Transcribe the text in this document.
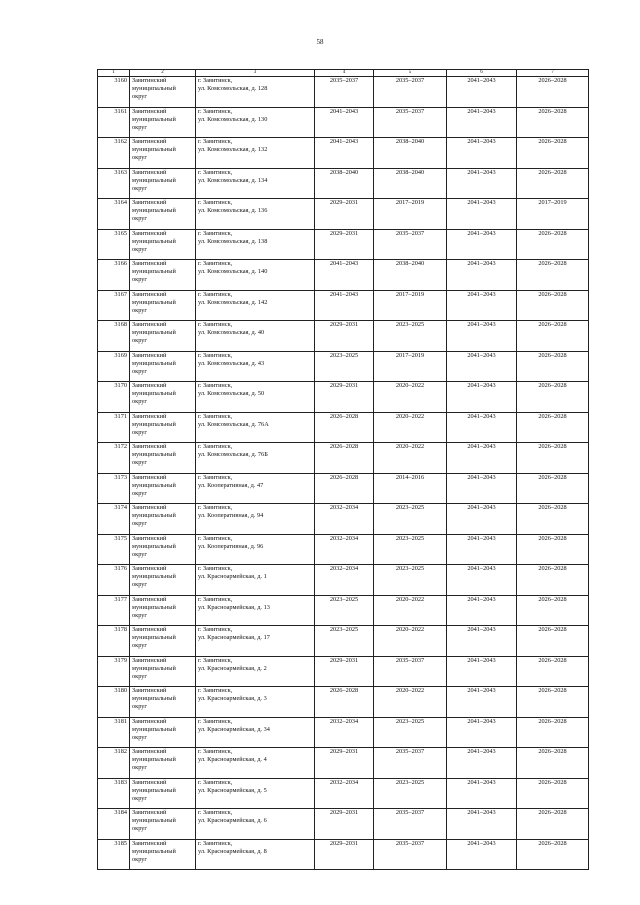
58
1	2	3	4	5	6	7
3160	Завитинский
муниципальный
округ	г. Завитинск,
ул. Комсомольская, д. 128	2035–2037	2035–2037	2041–2043	2026–2028
3161	Завитинский
муниципальный
округ	г. Завитинск,
ул. Комсомольская, д. 130	2041–2043	2035–2037	2041–2043	2026–2028
3162	Завитинский
муниципальный
округ	г. Завитинск,
ул. Комсомольская, д. 132	2041–2043	2038–2040	2041–2043	2026–2028
3163	Завитинский
муниципальный
округ	г. Завитинск,
ул. Комсомольская, д. 134	2038–2040	2038–2040	2041–2043	2026–2028
3164	Завитинский
муниципальный
округ	г. Завитинск,
ул. Комсомольская, д. 136	2029–2031	2017–2019	2041–2043	2017–2019
3165	Завитинский
муниципальный
округ	г. Завитинск,
ул. Комсомольская, д. 138	2029–2031	2035–2037	2041–2043	2026–2028
3166	Завитинский
муниципальный
округ	г. Завитинск,
ул. Комсомольская, д. 140	2041–2043	2038–2040	2041–2043	2026–2028
3167	Завитинский
муниципальный
округ	г. Завитинск,
ул. Комсомольская, д. 142	2041–2043	2017–2019	2041–2043	2026–2028
3168	Завитинский
муниципальный
округ	г. Завитинск,
ул. Комсомольская, д. 40	2029–2031	2023–2025	2041–2043	2026–2028
3169	Завитинский
муниципальный
округ	г. Завитинск,
ул. Комсомольская, д. 43	2023–2025	2017–2019	2041–2043	2026–2028
3170	Завитинский
муниципальный
округ	г. Завитинск,
ул. Комсомольская, д. 50	2029–2031	2020–2022	2041–2043	2026–2028
3171	Завитинский
муниципальный
округ	г. Завитинск,
ул. Комсомольская, д. 76А	2026–2028	2020–2022	2041–2043	2026–2028
3172	Завитинский
муниципальный
округ	г. Завитинск,
ул. Комсомольская, д. 76Б	2026–2028	2020–2022	2041–2043	2026–2028
3173	Завитинский
муниципальный
округ	г. Завитинск,
ул. Кооперативная, д. 47	2026–2028	2014–2016	2041–2043	2026–2028
3174	Завитинский
муниципальный
округ	г. Завитинск,
ул. Кооперативная, д. 94	2032–2034	2023–2025	2041–2043	2026–2028
3175	Завитинский
муниципальный
округ	г. Завитинск,
ул. Кооперативная, д. 96	2032–2034	2023–2025	2041–2043	2026–2028
3176	Завитинский
муниципальный
округ	г. Завитинск,
ул. Красноармейская, д. 1	2032–2034	2023–2025	2041–2043	2026–2028
3177	Завитинский
муниципальный
округ	г. Завитинск,
ул. Красноармейская, д. 13	2023–2025	2020–2022	2041–2043	2026–2028
3178	Завитинский
муниципальный
округ	г. Завитинск,
ул. Красноармейская, д. 17	2023–2025	2020–2022	2041–2043	2026–2028
3179	Завитинский
муниципальный
округ	г. Завитинск,
ул. Красноармейская, д. 2	2029–2031	2035–2037	2041–2043	2026–2028
3180	Завитинский
муниципальный
округ	г. Завитинск,
ул. Красноармейская, д. 3	2026–2028	2020–2022	2041–2043	2026–2028
3181	Завитинский
муниципальный
округ	г. Завитинск,
ул. Красноармейская, д. 34	2032–2034	2023–2025	2041–2043	2026–2028
3182	Завитинский
муниципальный
округ	г. Завитинск,
ул. Красноармейская, д. 4	2029–2031	2035–2037	2041–2043	2026–2028
3183	Завитинский
муниципальный
округ	г. Завитинск,
ул. Красноармейская, д. 5	2032–2034	2023–2025	2041–2043	2026–2028
3184	Завитинский
муниципальный
округ	г. Завитинск,
ул. Красноармейская, д. 6	2029–2031	2035–2037	2041–2043	2026–2028
3185	Завитинский
муниципальный
округ	г. Завитинск,
ул. Красноармейская, д. 8	2029–2031	2035–2037	2041–2043	2026–2028
